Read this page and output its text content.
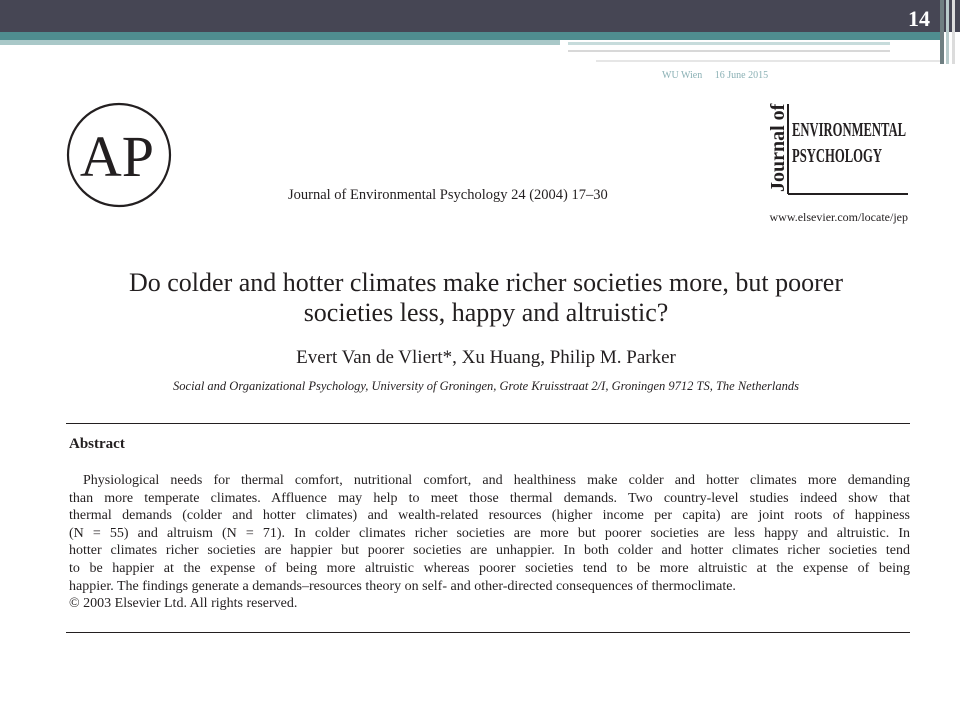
14
WU Wien 16 June 2015
AP
Journal of Environmental Psychology 24 (2004) 17–30
Journal of ENVIRONMENTAL
PSYCHOLOGY
www.elsevier.com/locate/jep
Do colder and hotter climates make richer societies more, but poorer
societies less, happy and altruistic?
Evert Van de Vliert*, Xu Huang, Philip M. Parker
Social and Organizational Psychology, University of Groningen, Grote Kruisstraat 2/I, Groningen 9712 TS, The Netherlands
Abstract
Physiological needs for thermal comfort, nutritional comfort, and healthiness make colder and hotter climates more demanding
than more temperate climates. Affluence may help to meet those thermal demands. Two country-level studies indeed show that
thermal demands (colder and hotter climates) and wealth-related resources (higher income per capita) are joint roots of happiness
(N = 55) and altruism (N = 71). In colder climates richer societies are more but poorer societies are less happy and altruistic. In
hotter climates richer societies are happier but poorer societies are unhappier. In both colder and hotter climates richer societies tend
to be happier at the expense of being more altruistic whereas poorer societies tend to be more altruistic at the expense of being
happier. The findings generate a demands–resources theory on self- and other-directed consequences of thermoclimate.
© 2003 Elsevier Ltd. All rights reserved.
